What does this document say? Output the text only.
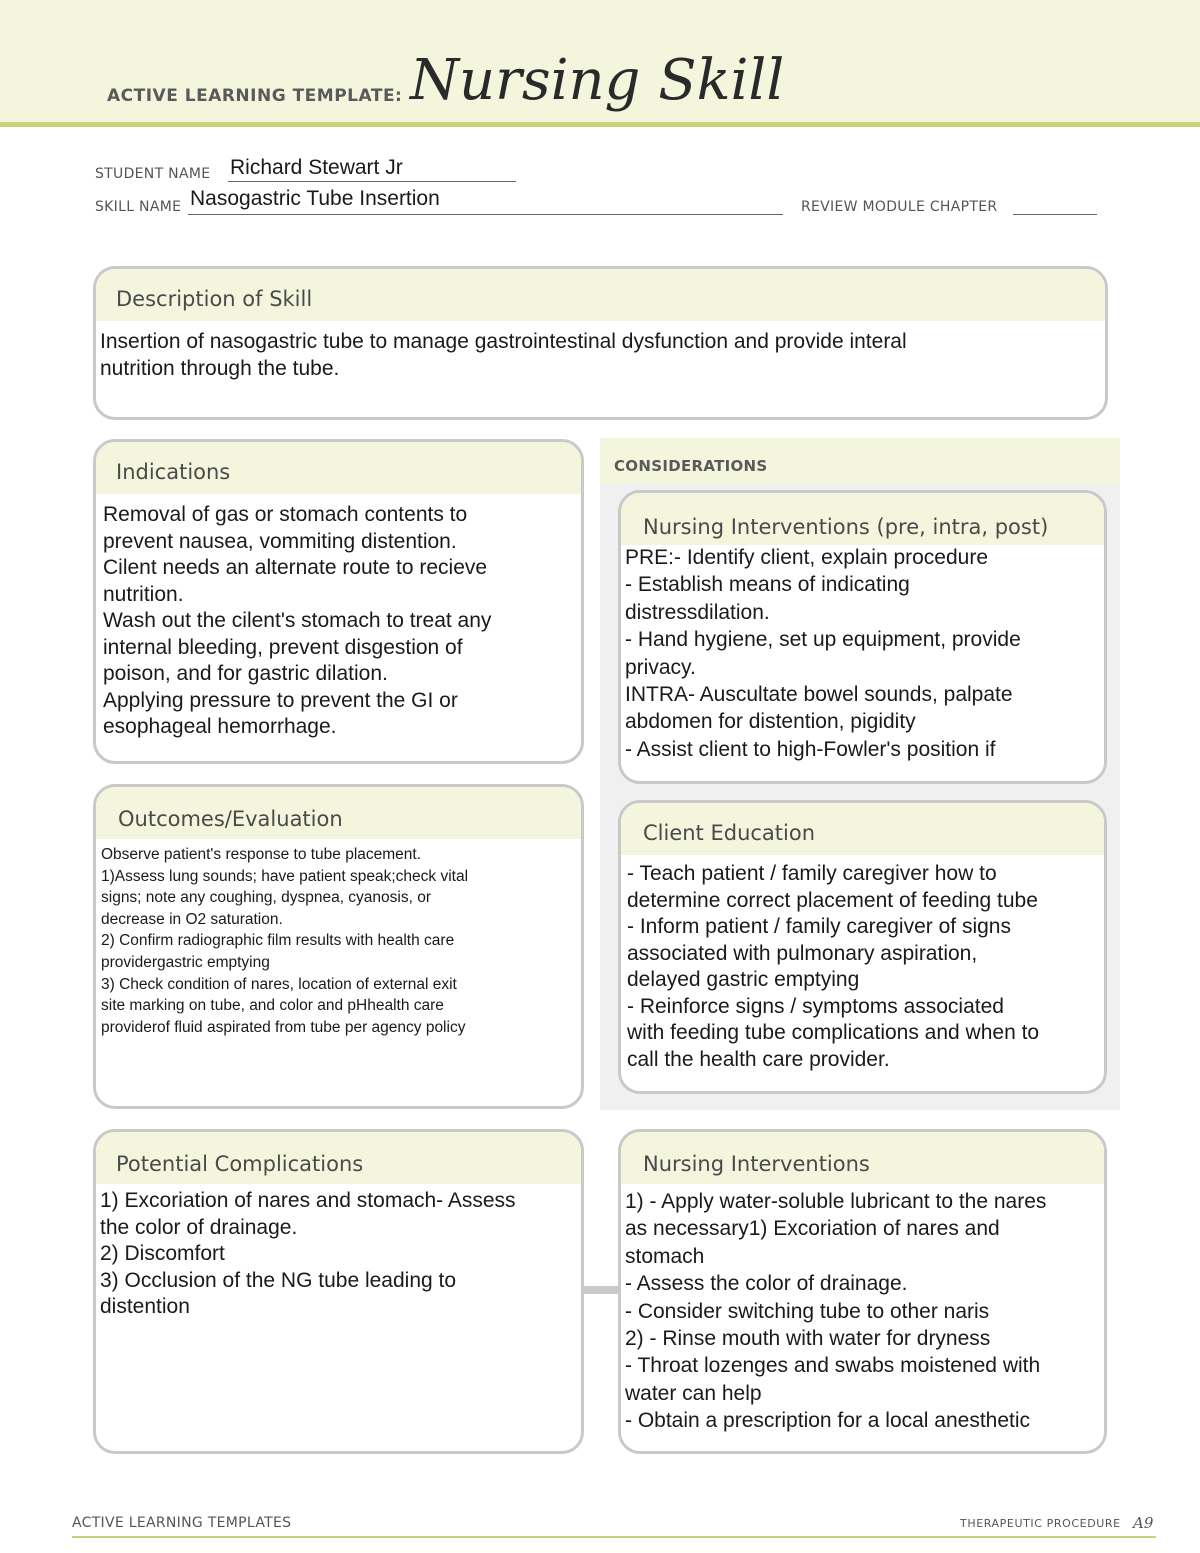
ACTIVE LEARNING TEMPLATE: Nursing Skill
STUDENT NAME Richard Stewart Jr
SKILL NAME Nasogastric Tube Insertion	REVIEW MODULE CHAPTER
Description of Skill
Insertion of nasogastric tube to manage gastrointestinal dysfunction and provide interal
nutrition through the tube.
Indications
Removal of gas or stomach contents to
prevent nausea, vommiting distention.
Cilent needs an alternate route to recieve
nutrition.
Wash out the cilent's stomach to treat any
internal bleeding, prevent disgestion of
poison, and for gastric dilation.
Applying pressure to prevent the GI or
esophageal hemorrhage.
CONSIDERATIONS
Nursing Interventions (pre, intra, post)
PRE:- Identify client, explain procedure
- Establish means of indicating
distressdilation.
- Hand hygiene, set up equipment, provide
privacy.
INTRA- Auscultate bowel sounds, palpate
abdomen for distention, pigidity
- Assist client to high-Fowler's position if
Client Education
- Teach patient / family caregiver how to
determine correct placement of feeding tube
- Inform patient / family caregiver of signs
associated with pulmonary aspiration,
delayed gastric emptying
- Reinforce signs / symptoms associated
with feeding tube complications and when to
call the health care provider.
Outcomes/Evaluation
Observe patient's response to tube placement.
1)Assess lung sounds; have patient speak;check vital
signs; note any coughing, dyspnea, cyanosis, or
decrease in O2 saturation.
2) Confirm radiographic film results with health care
providergastric emptying
3) Check condition of nares, location of external exit
site marking on tube, and color and pHhealth care
providerof fluid aspirated from tube per agency policy
Potential Complications
1) Excoriation of nares and stomach- Assess
the color of drainage.
2) Discomfort
3) Occlusion of the NG tube leading to
distention
Nursing Interventions
1) - Apply water-soluble lubricant to the nares
as necessary1) Excoriation of nares and
stomach
- Assess the color of drainage.
- Consider switching tube to other naris
2) - Rinse mouth with water for dryness
- Throat lozenges and swabs moistened with
water can help
- Obtain a prescription for a local anesthetic
ACTIVE LEARNING TEMPLATES	THERAPEUTIC PROCEDURE A9
